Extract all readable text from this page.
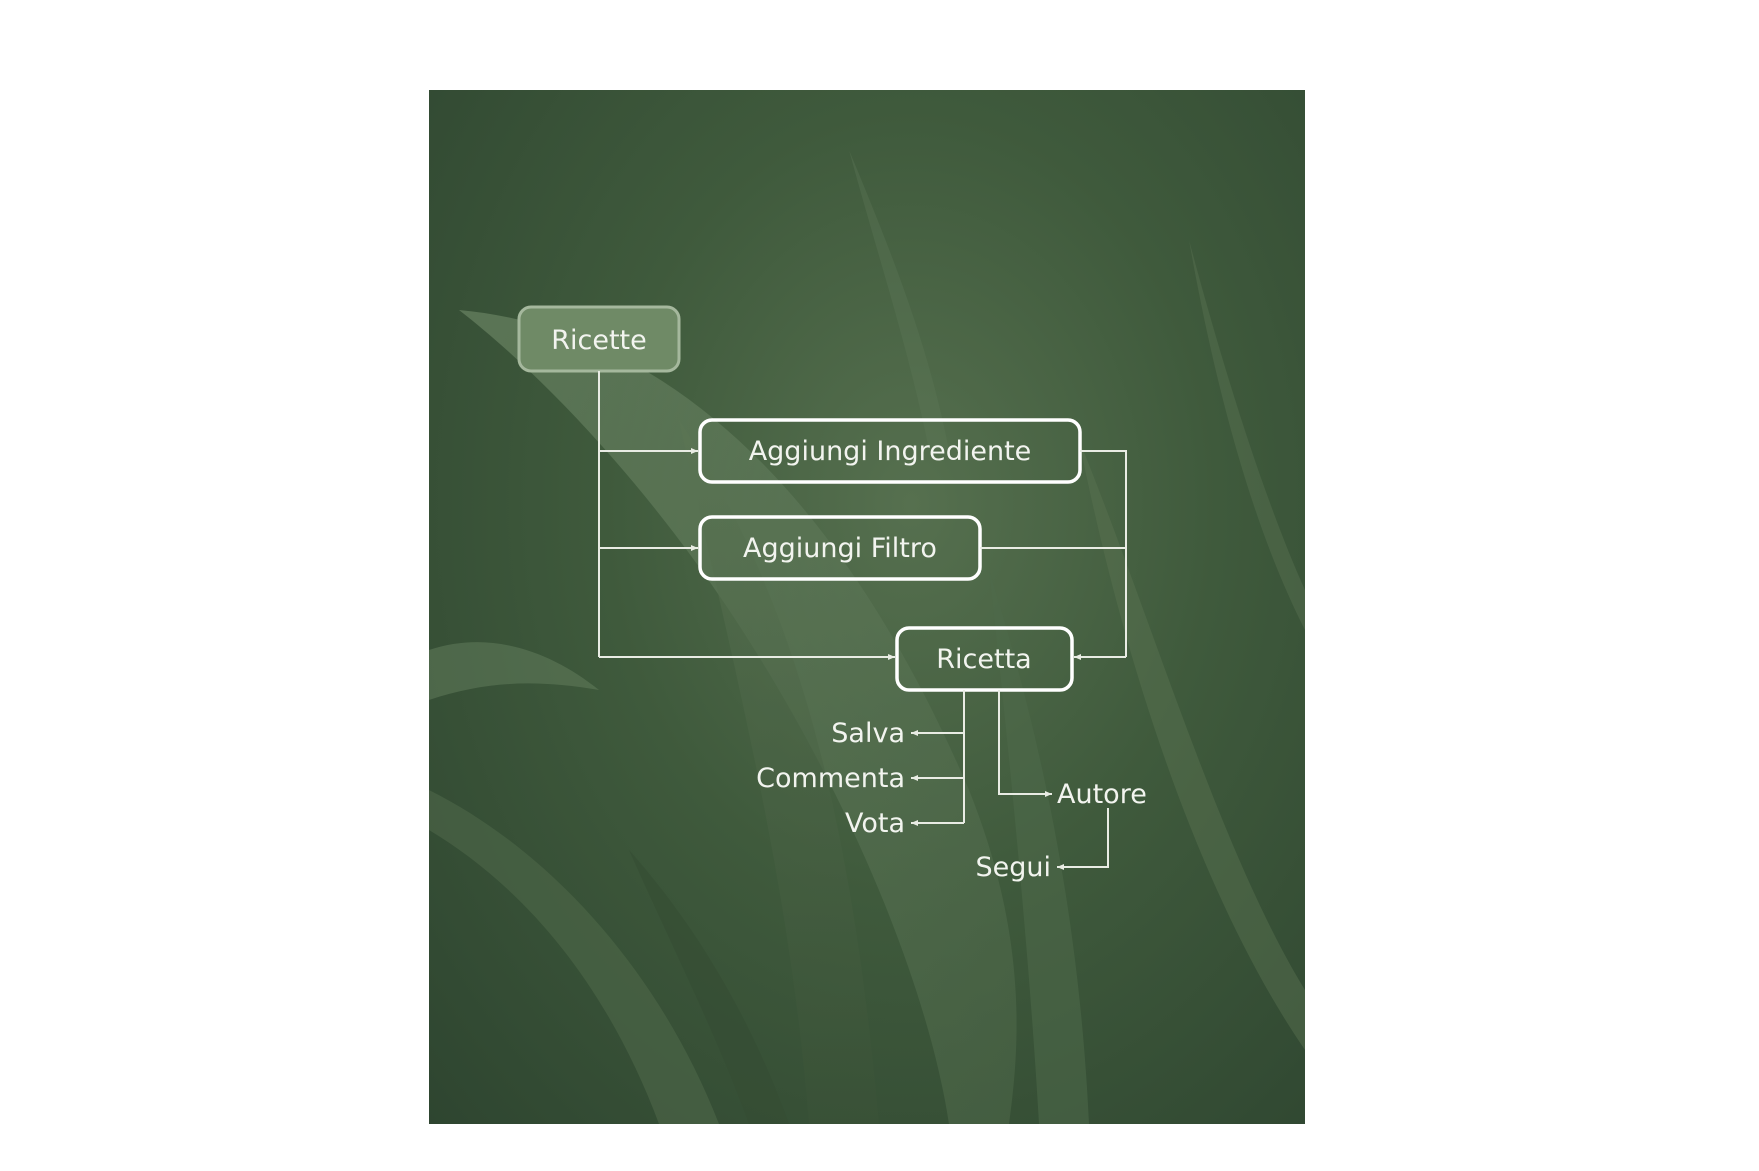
Ricette
Aggiungi Ingrediente
Aggiungi Filtro
Ricetta
Salva
Commenta
Vota
Autore
Segui
